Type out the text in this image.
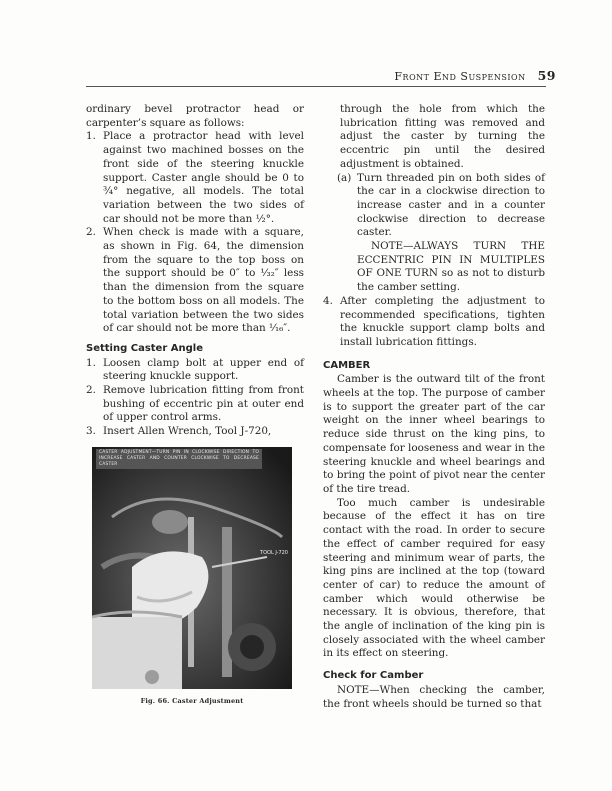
Front End Suspension 59

ordinary bevel protractor head or carpenter’s square as follows:

1. Place a protractor head with level against two machined bosses on the front side of the steering knuckle support. Caster angle should be 0 to ¾° negative, all models. The total variation between the two sides of car should not be more than ½°.
2. When check is made with a square, as shown in Fig. 64, the dimension from the square to the top boss on the support should be 0″ to ⅟₃₂″ less than the dimension from the square to the bottom boss on all models. The total variation between the two sides of car should not be more than ⅟₁₆″.
Setting Caster Angle
1. Loosen clamp bolt at upper end of steering knuckle support.
2. Remove lubrication fitting from front bushing of eccentric pin at outer end of upper control arms.
3. Insert Allen Wrench, Tool J-720,
CASTER ADJUSTMENT—TURN PIN IN CLOCKWISE DIRECTION TO INCREASE CASTER AND COUNTER CLOCKWISE TO DECREASE CASTER
TOOL J-720
Fig. 66. Caster Adjustment

through the hole from which the lubrication fitting was removed and adjust the caster by turning the eccentric pin until the desired adjustment is obtained.

(a) Turn threaded pin on both sides of the car in a clockwise direction to increase caster and in a counter clockwise direction to decrease caster.

NOTE—ALWAYS TURN THE ECCENTRIC PIN IN MULTIPLES OF ONE TURN so as not to disturb the camber setting.

4. After completing the adjustment to recommended specifications, tighten the knuckle support clamp bolts and install lubrication fittings.
CAMBER

Camber is the outward tilt of the front wheels at the top. The purpose of camber is to support the greater part of the car weight on the inner wheel bearings to reduce side thrust on the king pins, to compensate for looseness and wear in the steering knuckle and wheel bearings and to bring the point of pivot near the center of the tire tread.

Too much camber is undesirable because of the effect it has on tire contact with the road. In order to secure the effect of camber required for easy steering and minimum wear of parts, the king pins are inclined at the top (toward center of car) to reduce the amount of camber which would otherwise be necessary. It is obvious, therefore, that the angle of inclination of the king pin is closely associated with the wheel camber in its effect on steering.

Check for Camber

NOTE—When checking the camber, the front wheels should be turned so that
